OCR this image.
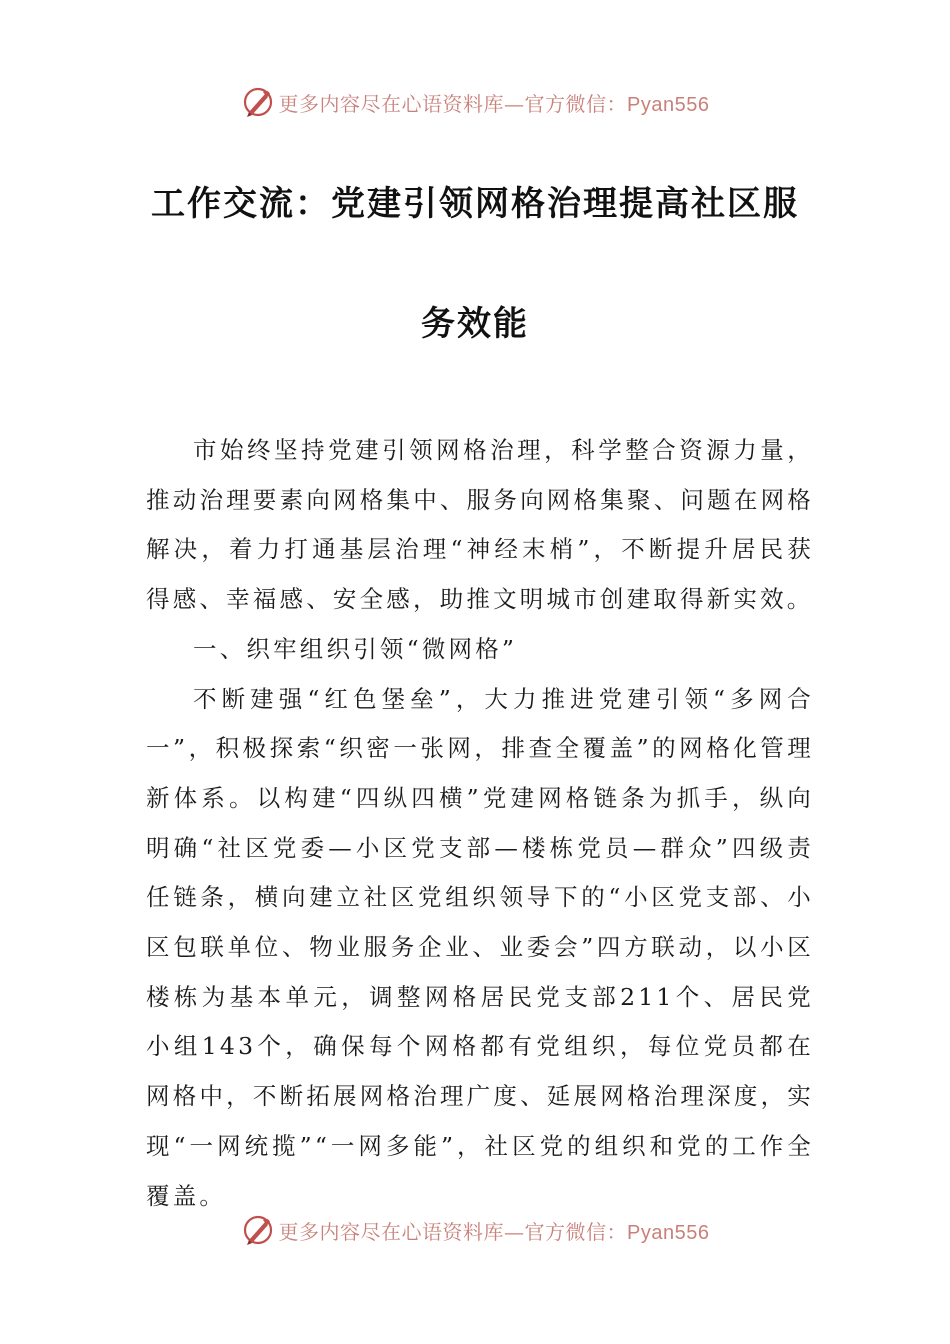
更多内容尽在心语资料库—官方微信：Pyan556
工作交流：党建引领网格治理提高社区服
务效能

市始终坚持党建引领网格治理，科学整合资源力量，推动治理要素向网格集中、服务向网格集聚、问题在网格解决，着力打通基层治理“神经末梢”，不断提升居民获得感、幸福感、安全感，助推文明城市创建取得新实效。

一、织牢组织引领“微网格”

不断建强“红色堡垒”，大力推进党建引领“多网合一”，积极探索“织密一张网，排查全覆盖”的网格化管理新体系。以构建“四纵四横”党建网格链条为抓手，纵向明确“社区党委—小区党支部—楼栋党员—群众”四级责任链条，横向建立社区党组织领导下的“小区党支部、小区包联单位、物业服务企业、业委会”四方联动，以小区楼栋为基本单元，调整网格居民党支部211个、居民党小组143个，确保每个网格都有党组织，每位党员都在网格中，不断拓展网格治理广度、延展网格治理深度，实现“一网统揽”“一网多能”，社区党的组织和党的工作全覆盖。

更多内容尽在心语资料库—官方微信：Pyan556
